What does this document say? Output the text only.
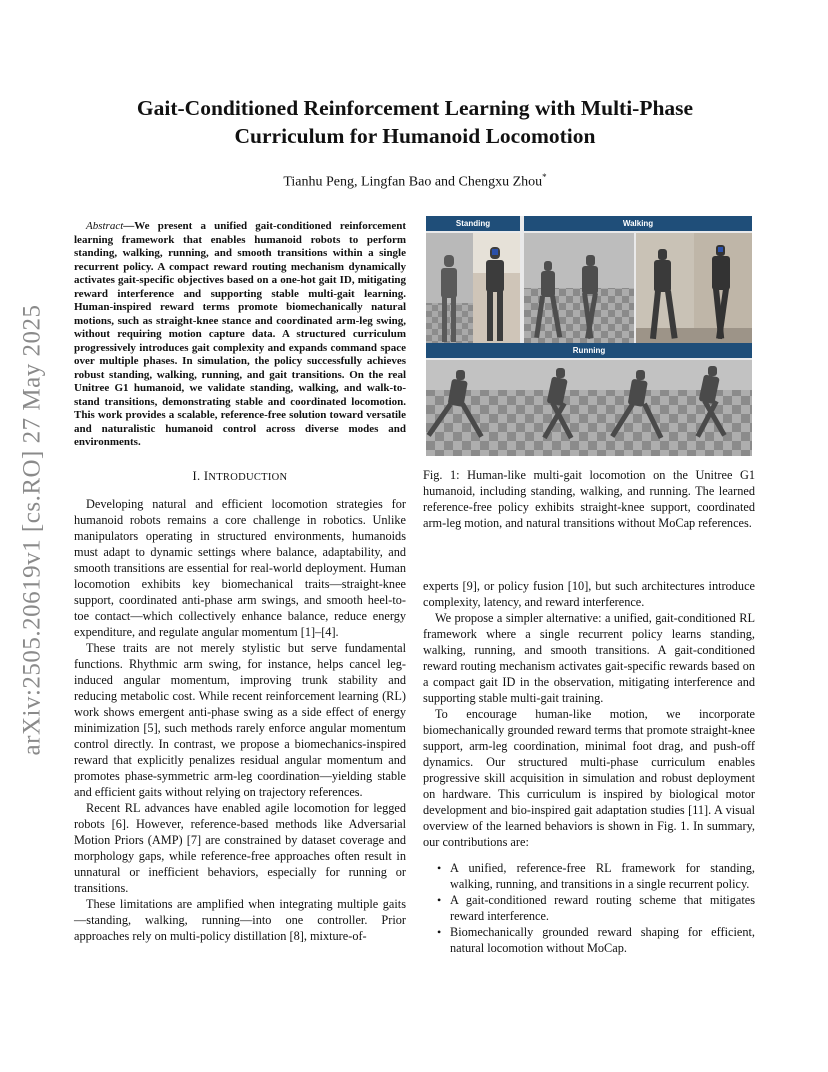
arXiv:2505.20619v1 [cs.RO] 27 May 2025
Gait-Conditioned Reinforcement Learning with Multi-Phase
Curriculum for Humanoid Locomotion
Tianhu Peng, Lingfan Bao and Chengxu Zhou*

Abstract—We present a unified gait-conditioned reinforcement learning framework that enables humanoid robots to perform standing, walking, running, and smooth transitions within a single recurrent policy. A compact reward routing mechanism dynamically activates gait-specific objectives based on a one-hot gait ID, mitigating reward interference and supporting stable multi-gait learning. Human-inspired reward terms promote biomechanically natural motions, such as straight-knee stance and coordinated arm-leg swing, without requiring motion capture data. A structured curriculum progressively introduces gait complexity and expands command space over multiple phases. In simulation, the policy successfully achieves robust standing, walking, running, and gait transitions. On the real Unitree G1 humanoid, we validate standing, walking, and walk-to-stand transitions, demonstrating stable and coordinated locomotion. This work provides a scalable, reference-free solution toward versatile and naturalistic humanoid control across diverse modes and environments.

I. INTRODUCTION

Developing natural and efficient locomotion strategies for humanoid robots remains a core challenge in robotics. Unlike manipulators operating in structured environments, humanoids must adapt to dynamic settings where balance, adaptability, and smooth transitions are essential for real-world deployment. Human locomotion exhibits key biomechanical traits—straight-knee support, coordinated anti-phase arm swings, and smooth heel-to-toe contact—which collectively enhance balance, reduce energy expenditure, and regulate angular momentum [1]–[4].

These traits are not merely stylistic but serve fundamental functions. Rhythmic arm swing, for instance, helps cancel leg-induced angular momentum, improving trunk stability and reducing metabolic cost. While recent reinforcement learning (RL) work shows emergent anti-phase swing as a side effect of energy minimization [5], such methods rarely enforce angular momentum control directly. In contrast, we propose a biomechanics-inspired reward that explicitly penalizes residual angular momentum and promotes phase-symmetric arm-leg coordination—yielding stable and efficient gaits without relying on trajectory references.

Recent RL advances have enabled agile locomotion for legged robots [6]. However, reference-based methods like Adversarial Motion Priors (AMP) [7] are constrained by dataset coverage and morphology gaps, while reference-free approaches often result in unnatural or inefficient behaviors, especially for running or transitions.

These limitations are amplified when integrating multiple gaits—standing, walking, running—into one controller. Prior approaches rely on multi-policy distillation [8], mixture-of-

Standing	Walking
Running

Fig. 1: Human-like multi-gait locomotion on the Unitree G1 humanoid, including standing, walking, and running. The learned reference-free policy exhibits straight-knee support, coordinated arm-leg motion, and natural transitions without MoCap references.

experts [9], or policy fusion [10], but such architectures introduce complexity, latency, and reward interference.

We propose a simpler alternative: a unified, gait-conditioned RL framework where a single recurrent policy learns standing, walking, running, and smooth transitions. A gait-conditioned reward routing mechanism activates gait-specific rewards based on a compact gait ID in the observation, mitigating interference and supporting stable multi-gait training.

To encourage human-like motion, we incorporate biomechanically grounded reward terms that promote straight-knee support, arm-leg coordination, minimal foot drag, and push-off dynamics. Our structured multi-phase curriculum enables progressive skill acquisition in simulation and robust deployment on hardware. This curriculum is inspired by biological motor development and bio-inspired gait adaptation studies [11]. A visual overview of the learned behaviors is shown in Fig. 1. In summary, our contributions are:

• A unified, reference-free RL framework for standing, walking, running, and transitions in a single recurrent policy.
• A gait-conditioned reward routing scheme that mitigates reward interference.
• Biomechanically grounded reward shaping for efficient, natural locomotion without MoCap.
